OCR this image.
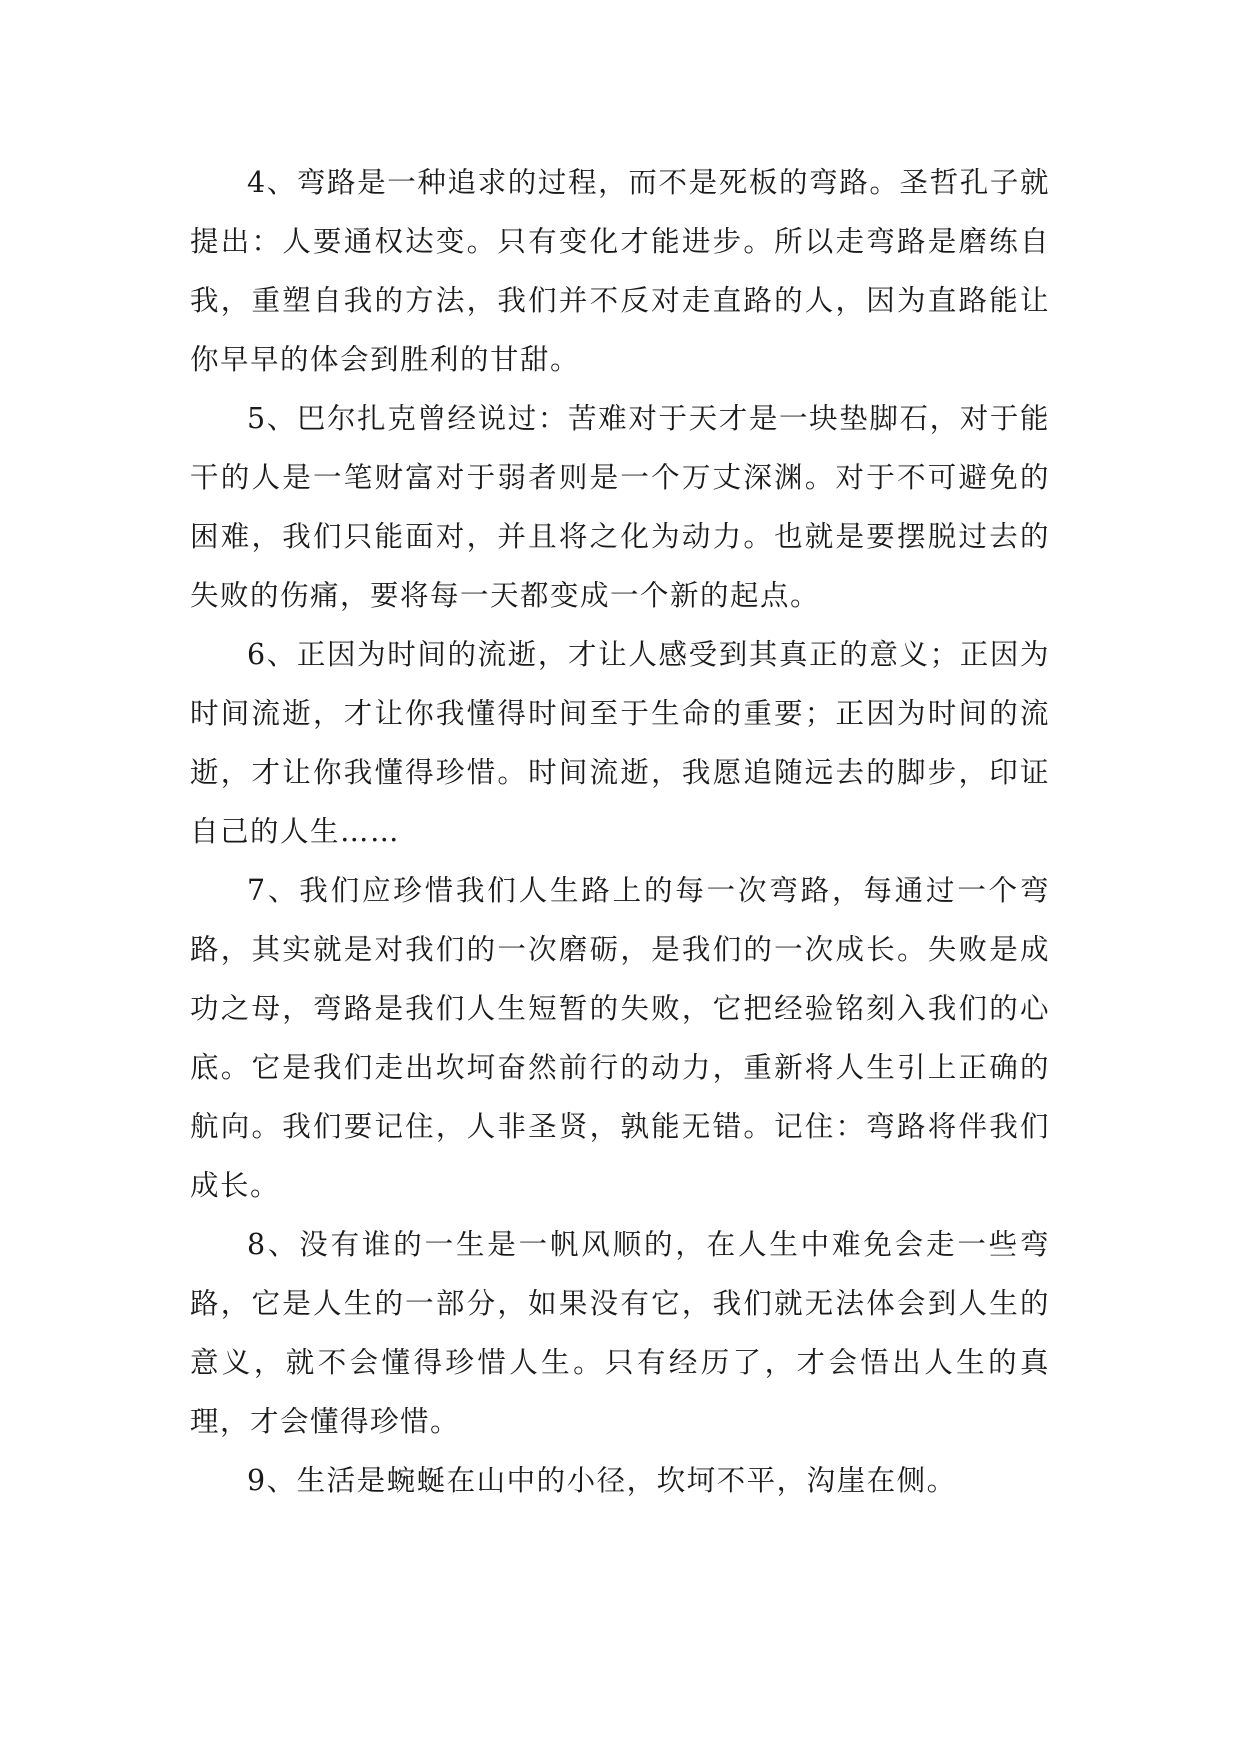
4、弯路是一种追求的过程，而不是死板的弯路。圣哲孔子就提出：人要通权达变。只有变化才能进步。所以走弯路是磨练自我，重塑自我的方法，我们并不反对走直路的人，因为直路能让你早早的体会到胜利的甘甜。

5、巴尔扎克曾经说过：苦难对于天才是一块垫脚石，对于能干的人是一笔财富对于弱者则是一个万丈深渊。对于不可避免的困难，我们只能面对，并且将之化为动力。也就是要摆脱过去的失败的伤痛，要将每一天都变成一个新的起点。

6、正因为时间的流逝，才让人感受到其真正的意义；正因为时间流逝，才让你我懂得时间至于生命的重要；正因为时间的流逝，才让你我懂得珍惜。时间流逝，我愿追随远去的脚步，印证自己的人生……

7、我们应珍惜我们人生路上的每一次弯路，每通过一个弯路，其实就是对我们的一次磨砺，是我们的一次成长。失败是成功之母，弯路是我们人生短暂的失败，它把经验铭刻入我们的心底。它是我们走出坎坷奋然前行的动力，重新将人生引上正确的航向。我们要记住，人非圣贤，孰能无错。记住：弯路将伴我们成长。

8、没有谁的一生是一帆风顺的，在人生中难免会走一些弯路，它是人生的一部分，如果没有它，我们就无法体会到人生的意义，就不会懂得珍惜人生。只有经历了，才会悟出人生的真理，才会懂得珍惜。

9、生活是蜿蜒在山中的小径，坎坷不平，沟崖在侧。
